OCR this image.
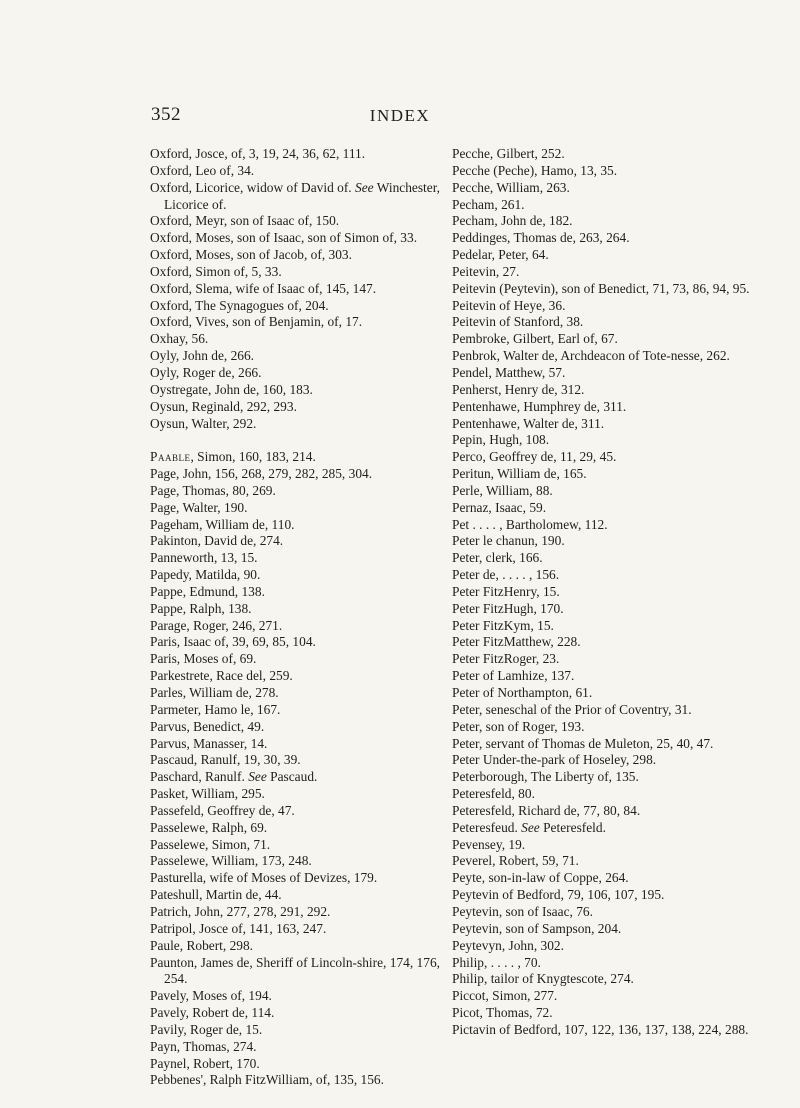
352	INDEX
Oxford, Josce, of, 3, 19, 24, 36, 62, 111.
Oxford, Leo of, 34.
Oxford, Licorice, widow of David of. See Winchester, Licorice of.
Oxford, Meyr, son of Isaac of, 150.
Oxford, Moses, son of Isaac, son of Simon of, 33.
Oxford, Moses, son of Jacob, of, 303.
Oxford, Simon of, 5, 33.
Oxford, Slema, wife of Isaac of, 145, 147.
Oxford, The Synagogues of, 204.
Oxford, Vives, son of Benjamin, of, 17.
Oxhay, 56.
Oyly, John de, 266.
Oyly, Roger de, 266.
Oystregate, John de, 160, 183.
Oysun, Reginald, 292, 293.
Oysun, Walter, 292.
Paable, Simon, 160, 183, 214.
Page, John, 156, 268, 279, 282, 285, 304.
Page, Thomas, 80, 269.
Page, Walter, 190.
Pageham, William de, 110.
Pakinton, David de, 274.
Panneworth, 13, 15.
Papedy, Matilda, 90.
Pappe, Edmund, 138.
Pappe, Ralph, 138.
Parage, Roger, 246, 271.
Paris, Isaac of, 39, 69, 85, 104.
Paris, Moses of, 69.
Parkestrete, Race del, 259.
Parles, William de, 278.
Parmeter, Hamo le, 167.
Parvus, Benedict, 49.
Parvus, Manasser, 14.
Pascaud, Ranulf, 19, 30, 39.
Paschard, Ranulf. See Pascaud.
Pasket, William, 295.
Passefeld, Geoffrey de, 47.
Passelewe, Ralph, 69.
Passelewe, Simon, 71.
Passelewe, William, 173, 248.
Pasturella, wife of Moses of Devizes, 179.
Pateshull, Martin de, 44.
Patrich, John, 277, 278, 291, 292.
Patripol, Josce of, 141, 163, 247.
Paule, Robert, 298.
Paunton, James de, Sheriff of Lincoln-shire, 174, 176, 254.
Pavely, Moses of, 194.
Pavely, Robert de, 114.
Pavily, Roger de, 15.
Payn, Thomas, 274.
Paynel, Robert, 170.
Pebbenes', Ralph FitzWilliam, of, 135, 156.
Pecche, Gilbert, 252.
Pecche (Peche), Hamo, 13, 35.
Pecche, William, 263.
Pecham, 261.
Pecham, John de, 182.
Peddinges, Thomas de, 263, 264.
Pedelar, Peter, 64.
Peitevin, 27.
Peitevin (Peytevin), son of Benedict, 71, 73, 86, 94, 95.
Peitevin of Heye, 36.
Peitevin of Stanford, 38.
Pembroke, Gilbert, Earl of, 67.
Penbrok, Walter de, Archdeacon of Tote-nesse, 262.
Pendel, Matthew, 57.
Penherst, Henry de, 312.
Pentenhawe, Humphrey de, 311.
Pentenhawe, Walter de, 311.
Pepin, Hugh, 108.
Perco, Geoffrey de, 11, 29, 45.
Peritun, William de, 165.
Perle, William, 88.
Pernaz, Isaac, 59.
Pet . . . . , Bartholomew, 112.
Peter le chanun, 190.
Peter, clerk, 166.
Peter de, . . . . , 156.
Peter FitzHenry, 15.
Peter FitzHugh, 170.
Peter FitzKym, 15.
Peter FitzMatthew, 228.
Peter FitzRoger, 23.
Peter of Lamhize, 137.
Peter of Northampton, 61.
Peter, seneschal of the Prior of Coventry, 31.
Peter, son of Roger, 193.
Peter, servant of Thomas de Muleton, 25, 40, 47.
Peter Under-the-park of Hoseley, 298.
Peterborough, The Liberty of, 135.
Peteresfeld, 80.
Peteresfeld, Richard de, 77, 80, 84.
Peteresfeud. See Peteresfeld.
Pevensey, 19.
Peverel, Robert, 59, 71.
Peyte, son-in-law of Coppe, 264.
Peytevin of Bedford, 79, 106, 107, 195.
Peytevin, son of Isaac, 76.
Peytevin, son of Sampson, 204.
Peytevyn, John, 302.
Philip, . . . . , 70.
Philip, tailor of Knygtescote, 274.
Piccot, Simon, 277.
Picot, Thomas, 72.
Pictavin of Bedford, 107, 122, 136, 137, 138, 224, 288.
